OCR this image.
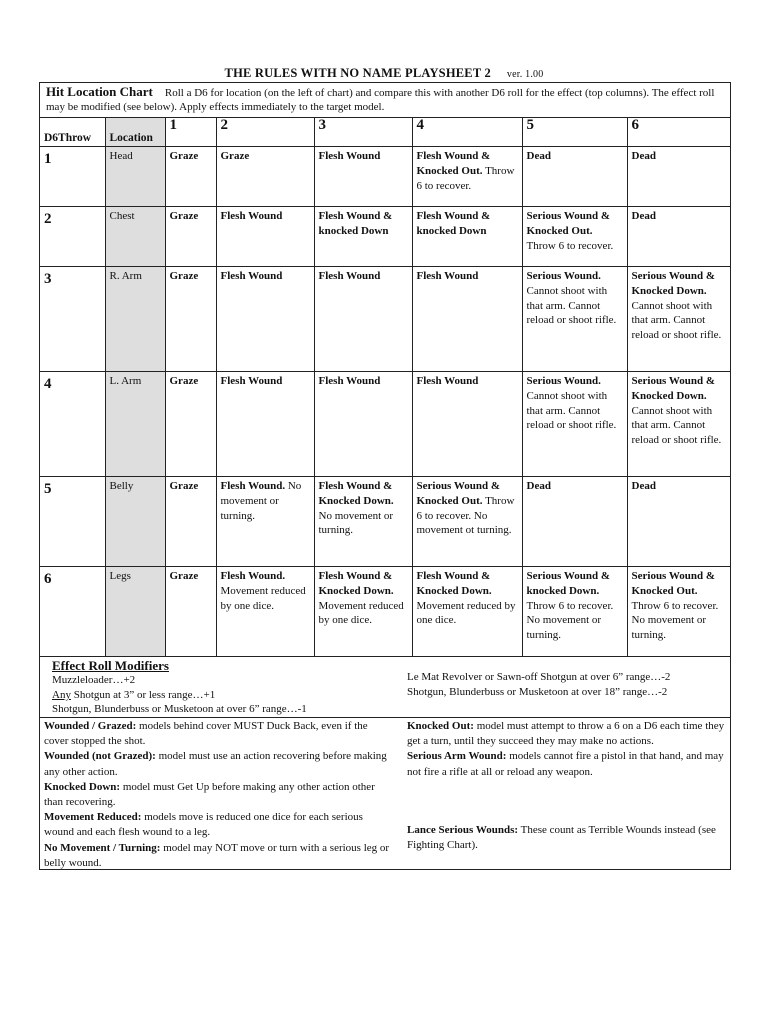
THE RULES WITH NO NAME PLAYSHEET 2 ver. 1.00
Hit Location Chart Roll a D6 for location (on the left of chart) and compare this with another D6 roll for the effect (top columns). The effect roll may be modified (see below). Apply effects immediately to the target model.
D6Throw	Location	1	2	3	4	5	6
1	Head	Graze	Graze	Flesh Wound	Flesh Wound & Knocked Out. Throw 6 to recover.	Dead	Dead
2	Chest	Graze	Flesh Wound	Flesh Wound & knocked Down	Flesh Wound & knocked Down	Serious Wound & Knocked Out. Throw 6 to recover.	Dead
3	R. Arm	Graze	Flesh Wound	Flesh Wound	Flesh Wound	Serious Wound. Cannot shoot with that arm. Cannot reload or shoot rifle.	Serious Wound & Knocked Down. Cannot shoot with that arm. Cannot reload or shoot rifle.
4	L. Arm	Graze	Flesh Wound	Flesh Wound	Flesh Wound	Serious Wound. Cannot shoot with that arm. Cannot reload or shoot rifle.	Serious Wound & Knocked Down. Cannot shoot with that arm. Cannot reload or shoot rifle.
5	Belly	Graze	Flesh Wound. No movement or turning.	Flesh Wound & Knocked Down. No movement or turning.	Serious Wound & Knocked Out. Throw 6 to recover. No movement ot turning.	Dead	Dead
6	Legs	Graze	Flesh Wound. Movement reduced by one dice.	Flesh Wound & Knocked Down. Movement reduced by one dice.	Flesh Wound & Knocked Down. Movement reduced by one dice.	Serious Wound & knocked Down. Throw 6 to recover. No movement or turning.	Serious Wound & Knocked Out. Throw 6 to recover. No movement or turning.
Effect Roll Modifiers
Muzzleloader…+2
Any Shotgun at 3” or less range…+1
Shotgun, Blunderbuss or Musketoon at over 6” range…-1
Le Mat Revolver or Sawn-off Shotgun at over 6” range…-2
Shotgun, Blunderbuss or Musketoon at over 18” range…-2
Wounded / Grazed: models behind cover MUST Duck Back, even if the cover stopped the shot.
Wounded (not Grazed): model must use an action recovering before making any other action.
Knocked Down: model must Get Up before making any other action other than recovering.
Movement Reduced: models move is reduced one dice for each serious wound and each flesh wound to a leg.
No Movement / Turning: model may NOT move or turn with a serious leg or belly wound.
Knocked Out: model must attempt to throw a 6 on a D6 each time they get a turn, until they succeed they may make no actions.
Serious Arm Wound: models cannot fire a pistol in that hand, and may not fire a rifle at all or reload any weapon.
Lance Serious Wounds: These count as Terrible Wounds instead (see Fighting Chart).
